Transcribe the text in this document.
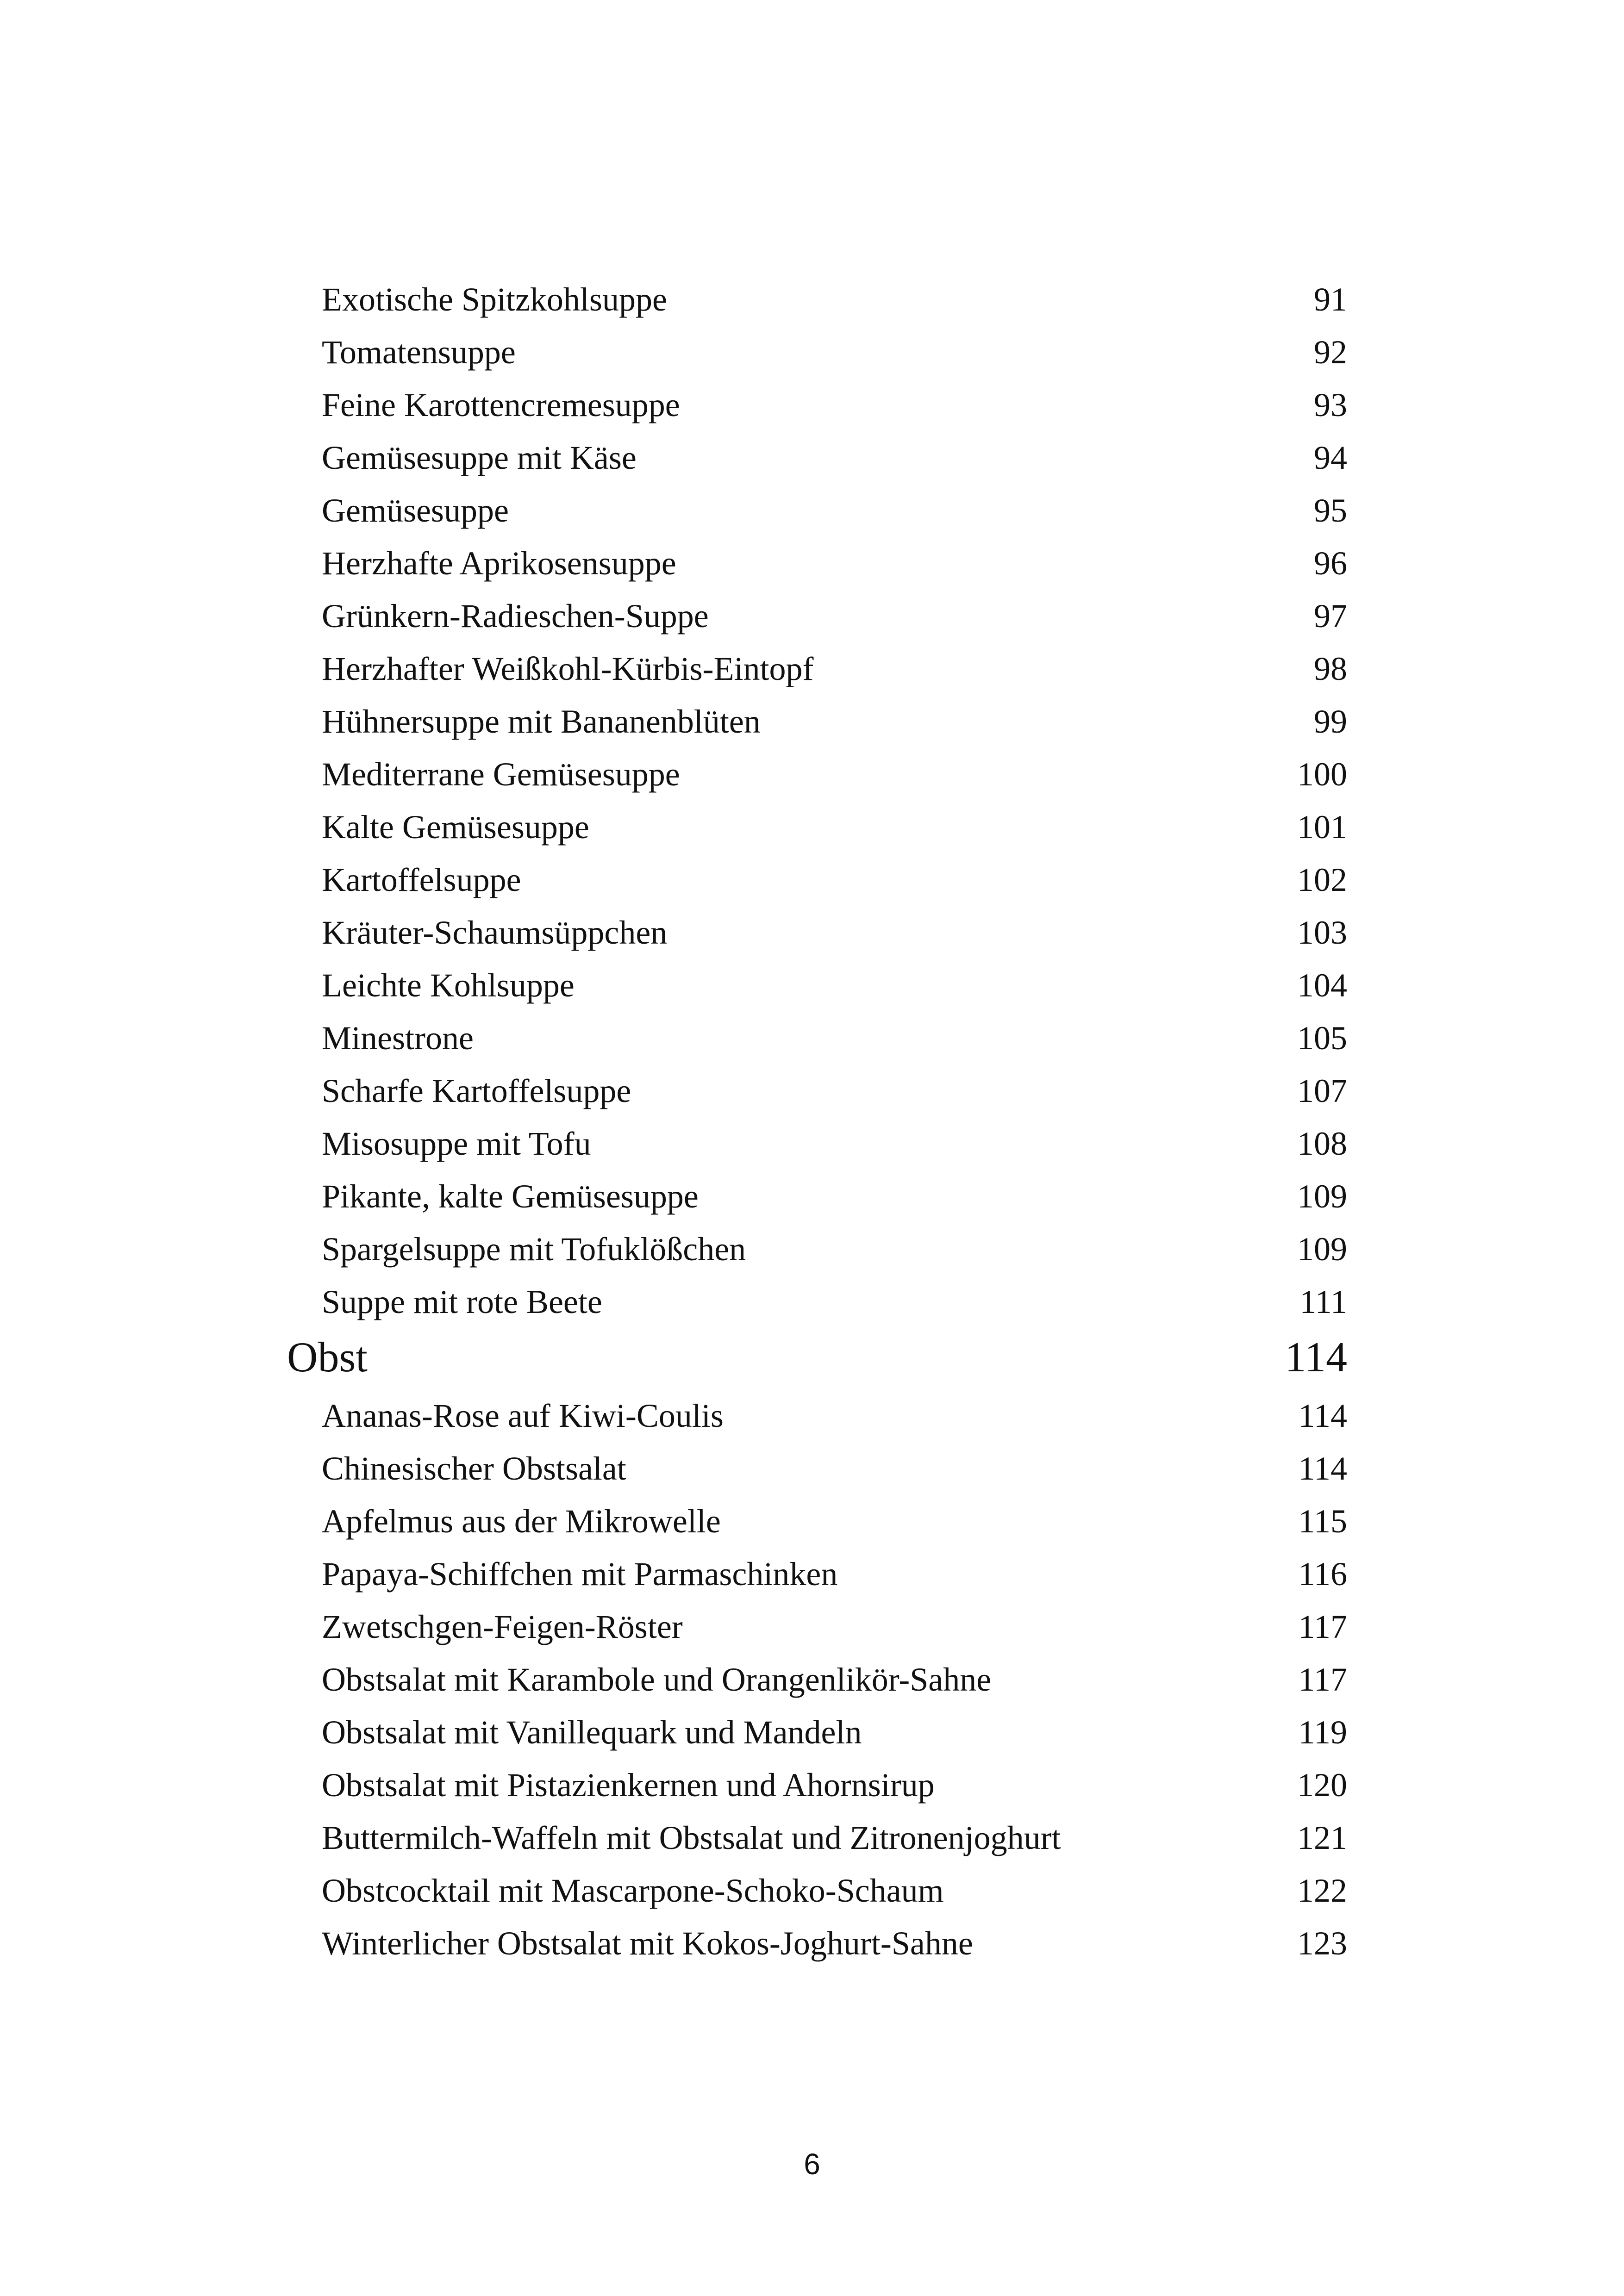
Exotische Spitzkohlsuppe	91
Tomatensuppe	92
Feine Karottencremesuppe	93
Gemüsesuppe mit Käse	94
Gemüsesuppe	95
Herzhafte Aprikosensuppe	96
Grünkern-Radieschen-Suppe	97
Herzhafter Weißkohl-Kürbis-Eintopf	98
Hühnersuppe mit Bananenblüten	99
Mediterrane Gemüsesuppe	100
Kalte Gemüsesuppe	101
Kartoffelsuppe	102
Kräuter-Schaumsüppchen	103
Leichte Kohlsuppe	104
Minestrone	105
Scharfe Kartoffelsuppe	107
Misosuppe mit Tofu	108
Pikante, kalte Gemüsesuppe	109
Spargelsuppe mit Tofuklößchen	109
Suppe mit rote Beete	111
Obst	114
Ananas-Rose auf Kiwi-Coulis	114
Chinesischer Obstsalat	114
Apfelmus aus der Mikrowelle	115
Papaya-Schiffchen mit Parmaschinken	116
Zwetschgen-Feigen-Röster	117
Obstsalat mit Karambole und Orangenlikör-Sahne	117
Obstsalat mit Vanillequark und Mandeln	119
Obstsalat mit Pistazienkernen und Ahornsirup	120
Buttermilch-Waffeln mit Obstsalat und Zitronenjoghurt	121
Obstcocktail mit Mascarpone-Schoko-Schaum	122
Winterlicher Obstsalat mit Kokos-Joghurt-Sahne	123
6
